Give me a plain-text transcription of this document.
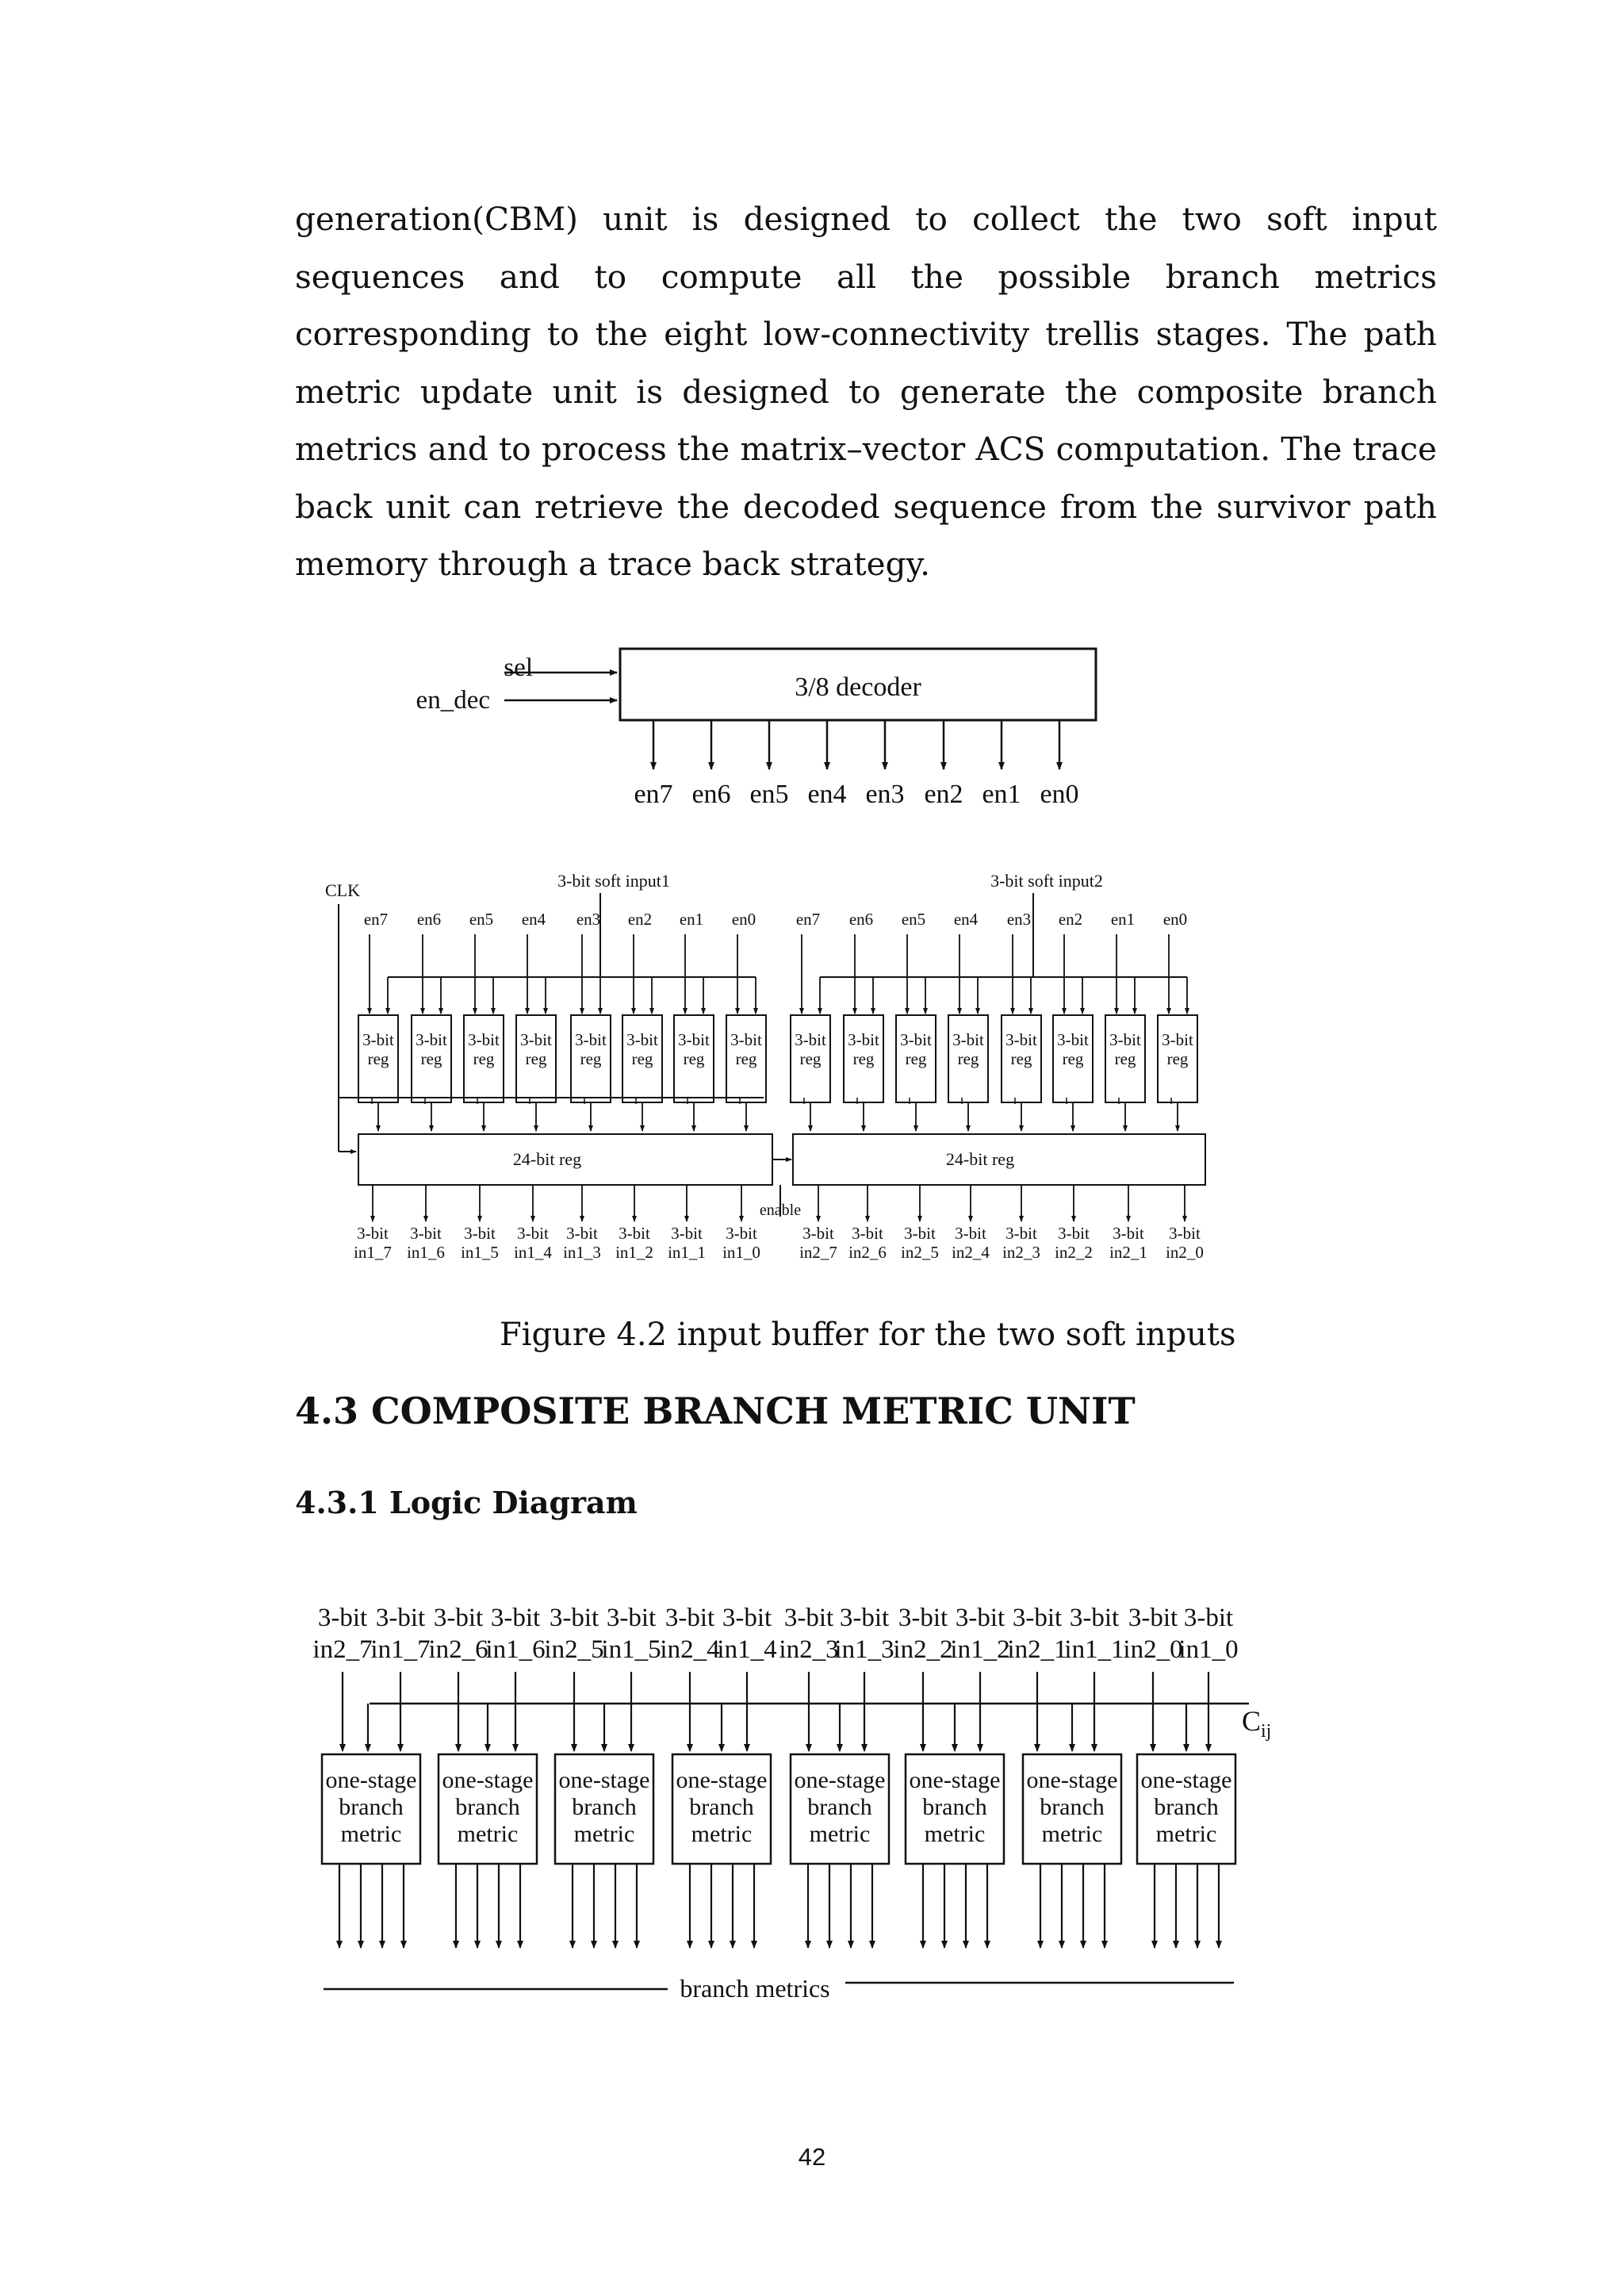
generation(CBM) unit is designed to collect the two soft input
sequences and to compute all the possible branch metrics
corresponding to the eight low-connectivity trellis stages. The path
metric update unit is designed to generate the composite branch
metrics and to process the matrix–vector ACS computation. The trace
back unit can retrieve the decoded sequence from the survivor path
memory through a trace back strategy.
3/8 decoder
sel
en_dec
en7 en6 en5 en4 en3 en2 en1 en0
CLK	3-bit soft input1	3-bit soft input2
en7 en6 en5 en4 en3 en2 en1 en0
3-bit
reg
3-bit
reg
3-bit
reg
3-bit
reg
3-bit
reg
3-bit
reg
3-bit
reg
3-bit
reg
en7 en6 en5 en4 en3 en2 en1 en0
3-bit
reg
3-bit
reg
3-bit
reg
3-bit
reg
3-bit
reg
3-bit
reg
3-bit
reg
3-bit
reg
24-bit reg	24-bit reg
enable
3-bit
in1_7
3-bit
in1_6
3-bit
in1_5
3-bit
in1_4
3-bit
in1_3
3-bit
in1_2
3-bit
in1_1
3-bit
in1_0
3-bit
in2_7
3-bit
in2_6
3-bit
in2_5
3-bit
in2_4
3-bit
in2_3
3-bit
in2_2
3-bit
in2_1
3-bit
in2_0
3-bit
in2_7
3-bit
in1_7
3-bit
in2_6
3-bit
in1_6
3-bit
in2_5
3-bit
in1_5
3-bit
in2_4
3-bit
in1_4
3-bit
in2_3
3-bit
in1_3
3-bit
in2_2
3-bit
in1_2
3-bit
in2_1
3-bit
in1_1
3-bit
in2_0
3-bit
in1_0
$C_{ij}$
one-stage
branch
metric
one-stage
branch
metric
one-stage
branch
metric
one-stage
branch
metric
one-stage
branch
metric
one-stage
branch
metric
one-stage
branch
metric
one-stage
branch
metric
branch metrics
Figure 4.2 input buffer for the two soft inputs
4.3 COMPOSITE BRANCH METRIC UNIT
4.3.1 Logic Diagram
42
